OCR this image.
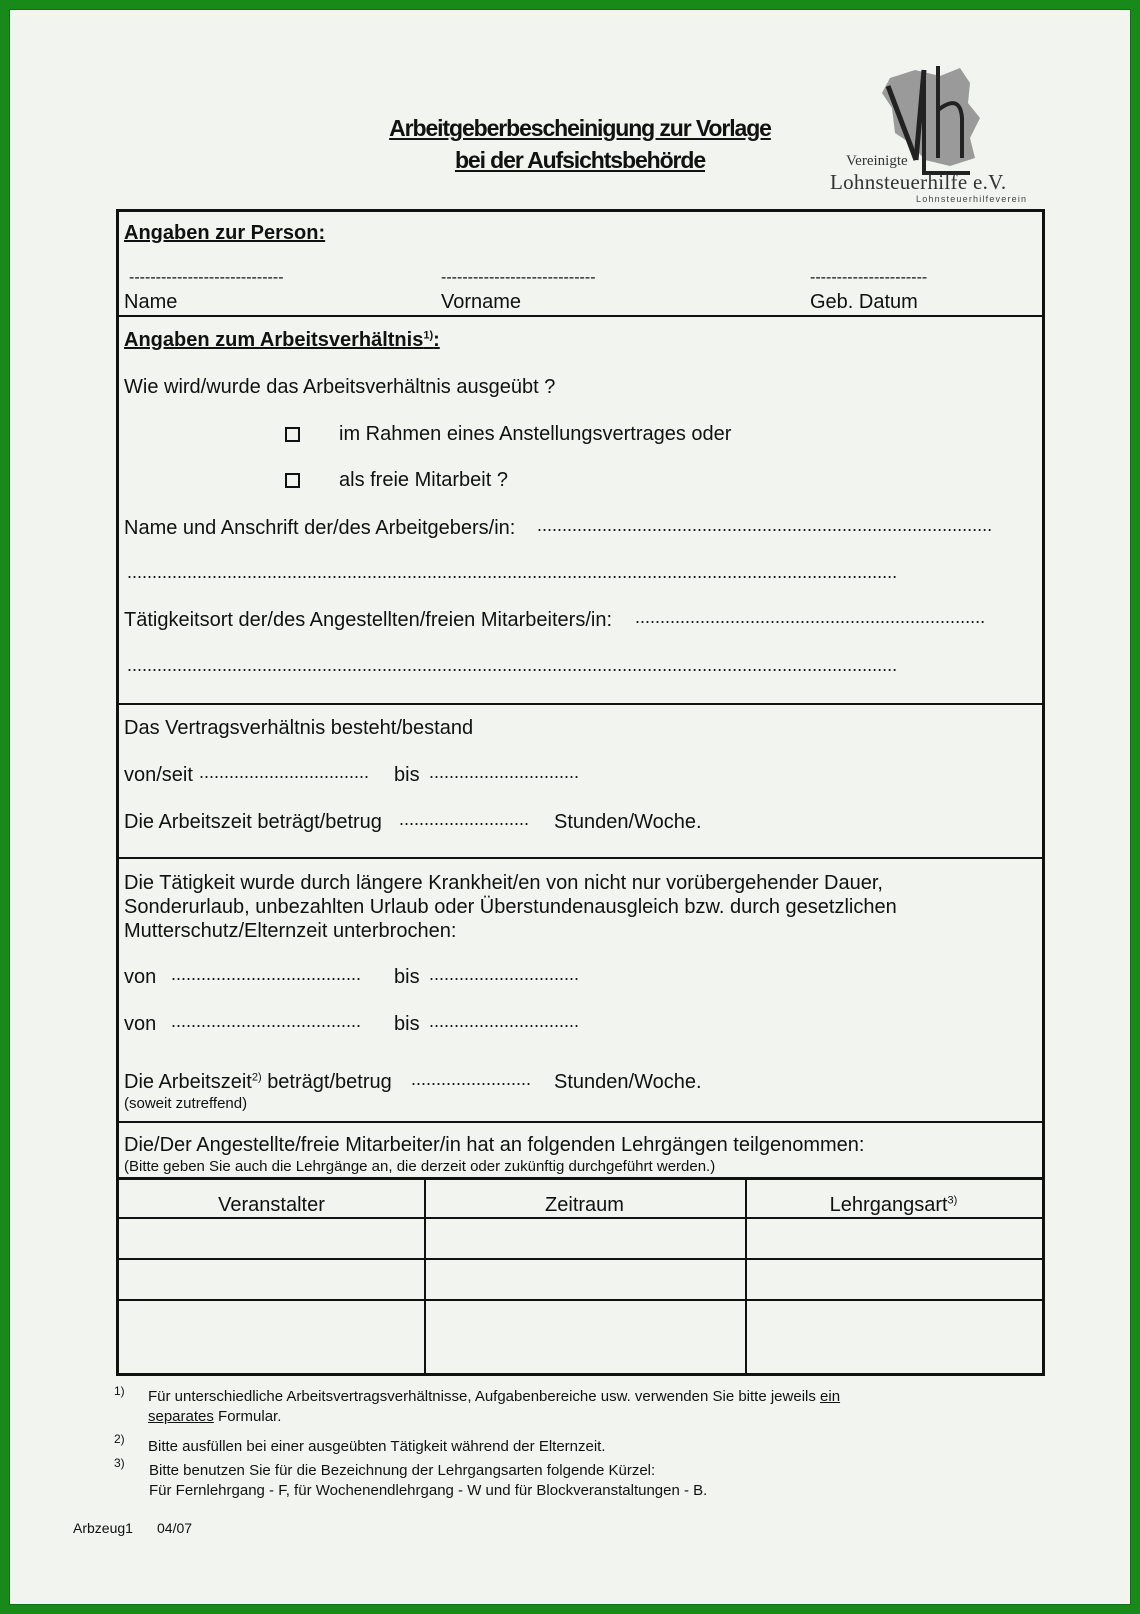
Arbeitgeberbescheinigung zur Vorlage
bei der Aufsichtsbehörde	Vereinigte
Lohnsteuerhilfe e.V.
Lohnsteuerhilfeverein
Angaben zur Person:
-----------------------------	-----------------------------	----------------------
Name	Vorname	Geb. Datum
Angaben zum Arbeitsverhältnis$^{1)}$:
Wie wird/wurde das Arbeitsverhältnis ausgeübt ?
im Rahmen eines Anstellungsvertrages oder
als freie Mitarbeit ?
Name und Anschrift der/des Arbeitgebers/in: ...........................................................................................
..........................................................................................................................................................
Tätigkeitsort der/des Angestellten/freien Mitarbeiters/in: ......................................................................
..........................................................................................................................................................
Das Vertragsverhältnis besteht/bestand
von/seit .................................. bis ..............................
Die Arbeitszeit beträgt/betrug .......................... Stunden/Woche.
Die Tätigkeit wurde durch längere Krankheit/en von nicht nur vorübergehender Dauer,
Sonderurlaub, unbezahlten Urlaub oder Überstundenausgleich bzw. durch gesetzlichen
Mutterschutz/Elternzeit unterbrochen:
von ...................................... bis ..............................
von ...................................... bis ..............................
Die Arbeitszeit$^{2)}$ beträgt/betrug ........................ Stunden/Woche.
(soweit zutreffend)
Die/Der Angestellte/freie Mitarbeiter/in hat an folgenden Lehrgängen teilgenommen:
(Bitte geben Sie auch die Lehrgänge an, die derzeit oder zukünftig durchgeführt werden.)
Veranstalter	Zeitraum	Lehrgangsart$^{3)}$
1) Für unterschiedliche Arbeitsvertragsverhältnisse, Aufgabenbereiche usw. verwenden Sie bitte jeweils ein
separates Formular.
2) Bitte ausfüllen bei einer ausgeübten Tätigkeit während der Elternzeit.
3) Bitte benutzen Sie für die Bezeichnung der Lehrgangsarten folgende Kürzel:
Für Fernlehrgang - F, für Wochenendlehrgang - W und für Blockveranstaltungen - B.
Arbzeug1 04/07
